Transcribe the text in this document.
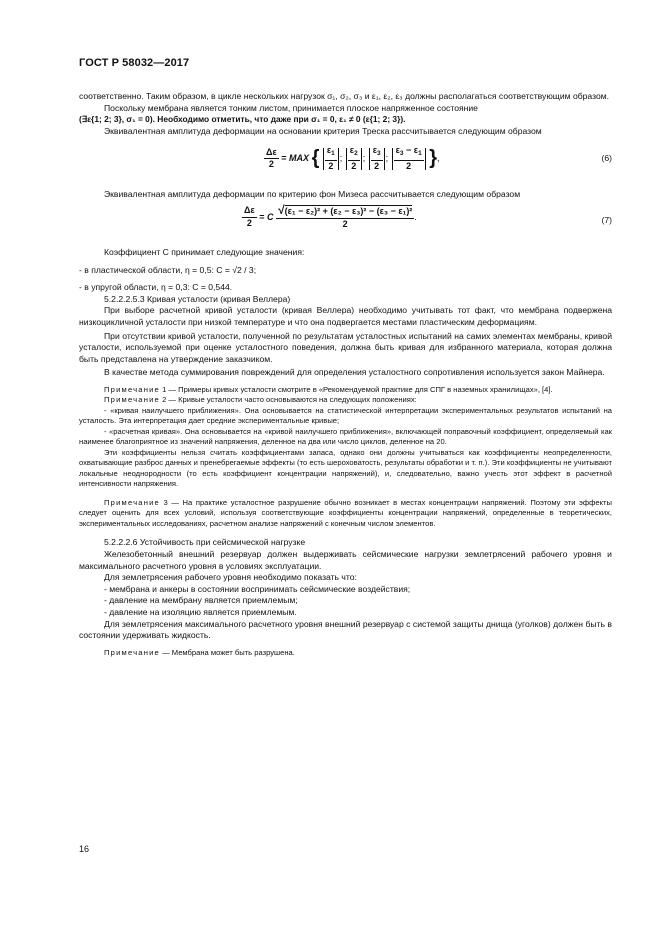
ГОСТ Р 58032—2017

соответственно. Таким образом, в цикле нескольких нагрузок σ₁, σ₂, σ₃ и ε₁, ε₂, ε₃ должны располагаться соответствующим образом.

Поскольку мембрана является тонким листом, принимается плоское напряженное состояние

(∃ε{1; 2; 3}, σ₁ = 0). Необходимо отметить, что даже при σ₁ = 0, ε₁ ≠ 0 (ε{1; 2; 3}).

Эквивалентная амплитуда деформации на основании критерия Треска рассчитывается следующим образом

$\frac{\Delta\varepsilon}{2}$ = MAX { $\frac{\varepsilon_1}{2}$ ; $\frac{\varepsilon_2}{2}$ ; $\frac{\varepsilon_3}{2}$ ; $\frac{\varepsilon_3 - \varepsilon_1}{2}$ },	(6)

Эквивалентная амплитуда деформации по критерию фон Мизеса рассчитывается следующим образом

$\frac{\Delta\varepsilon}{2} = C \frac{\text{√(ε₁ − ε₂)² + (ε₂ − ε₃)² − (ε₃ − ε₁)²}}{2}$ .	(7)

Коэффициент C принимает следующие значения:

- в пластической области, η = 0,5: C = √2 / 3;

- в упругой области, η = 0,3: C = 0,544.

5.2.2.2.5.3 Кривая усталости (кривая Веллера)

При выборе расчетной кривой усталости (кривая Веллера) необходимо учитывать тот факт, что мембрана подвержена низкоцикличной усталости при низкой температуре и что она подвергается местами пластическим деформациям.

При отсутствии кривой усталости, полученной по результатам усталостных испытаний на самих элементах мембраны, кривой усталости, используемой при оценке усталостного поведения, должна быть кривая для избранного материала, которая должна быть представлена на утверждение заказчиком.

В качестве метода суммирования повреждений для определения усталостного сопротивления используется закон Майнера.

Примечание 1 — Примеры кривых усталости смотрите в «Рекомендуемой практике для СПГ в наземных хранилищах», [4].

Примечание 2 — Кривые усталости часто основываются на следующих положениях:

- «кривая наилучшего приближения». Она основывается на статистической интерпретации экспериментальных результатов испытаний на усталость. Эта интерпретация дает средние экспериментальные кривые;

- «расчетная кривая». Она основывается на «кривой наилучшего приближения», включающей поправочный коэффициент, определяемый как наименее благоприятное из значений напряжения, деленное на два или число циклов, деленное на 20.

Эти коэффициенты нельзя считать коэффициентами запаса, однако они должны учитываться как коэффициенты неопределенности, охватывающие разброс данных и пренебрегаемые эффекты (то есть шероховатость, результаты обработки и т. п.). Эти коэффициенты не учитывают локальные неоднородности (то есть коэффициент концентрации напряжений), и, следовательно, важно учесть этот эффект в расчетной интенсивности напряжения.

Примечание 3 — На практике усталостное разрушение обычно возникает в местах концентрации напряжений. Поэтому эти эффекты следует оценить для всех условий, используя соответствующие коэффициенты концентрации напряжений, определенные в теоретических, экспериментальных исследованиях, расчетном анализе напряжений с конечным числом элементов.

5.2.2.2.6 Устойчивость при сейсмической нагрузке

Железобетонный внешний резервуар должен выдерживать сейсмические нагрузки землетрясений рабочего уровня и максимального расчетного уровня в условиях эксплуатации.

Для землетрясения рабочего уровня необходимо показать что:

- мембрана и анкеры в состоянии воспринимать сейсмические воздействия;

- давление на мембрану является приемлемым;

- давление на изоляцию является приемлемым.

Для землетрясения максимального расчетного уровня внешний резервуар с системой защиты днища (уголков) должен быть в состоянии удерживать жидкость.

Примечание — Мембрана может быть разрушена.

16
